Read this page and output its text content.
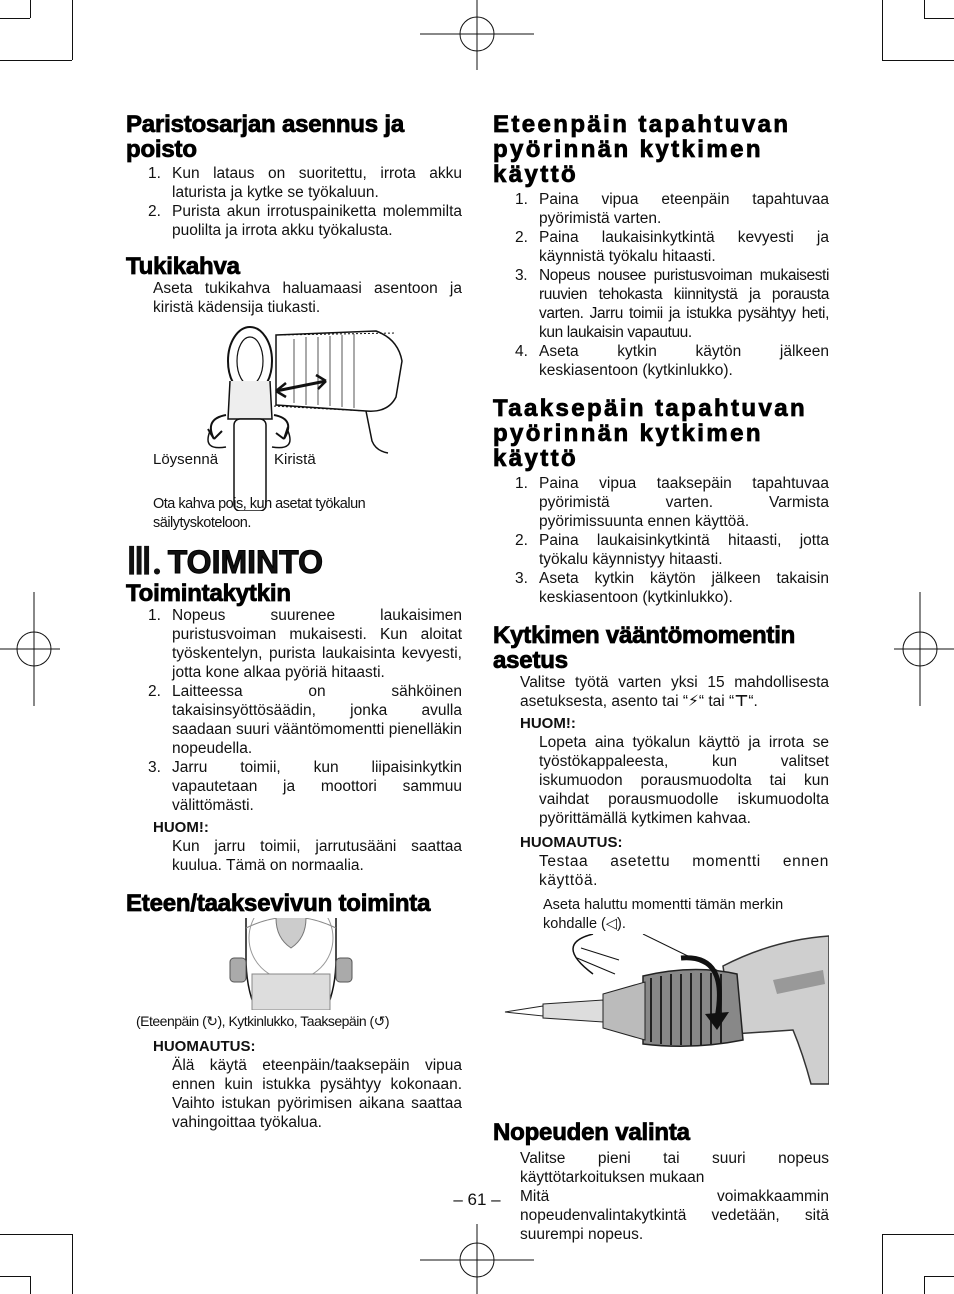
Paristosarjan asennus ja poisto
1. Kun lataus on suoritettu, irrota akku laturista ja kytke se työkaluun.
2. Purista akun irrotuspainiketta molemmilta puolilta ja irrota akku työkalusta.
Tukikahva

Aseta tukikahva haluamaasi asentoon ja kiristä kädensija tiukasti.

Löysennä	Kiristä

Ota kahva pois, kun asetat työkalun säilytyskoteloon.

Ⅲ. TOIMINTO
Toimintakytkin
1. Nopeus suurenee laukaisimen puristusvoiman mukaisesti. Kun aloitat työskentelyn, purista laukaisinta kevyesti, jotta kone alkaa pyöriä hitaasti.
2. Laitteessa on sähköinen takaisinsyöttösäädin, jonka avulla saadaan suuri vääntömomentti pienelläkin nopeudella.
3. Jarru toimii, kun liipaisinkytkin vapautetaan ja moottori sammuu välittömästi.
HUOM!:
Kun jarru toimii, jarrutusääni saattaa kuulua. Tämä on normaalia.
Eteen/taaksevivun toiminta
(Eteenpäin (↻), Kytkinlukko, Taaksepäin (↺)
HUOMAUTUS:
Älä käytä eteenpäin/taaksepäin vipua ennen kuin istukka pysähtyy kokonaan. Vaihto istukan pyörimisen aikana saattaa vahingoittaa työkalua.
Eteenpäin tapahtuvan pyörinnän kytkimen käyttö
1. Paina vipua eteenpäin tapahtuvaa pyörimistä varten.
2. Paina laukaisinkytkintä kevyesti ja käynnistä työkalu hitaasti.
3. Nopeus nousee puristusvoiman mukaisesti ruuvien tehokasta kiinnitystä ja porausta varten. Jarru toimii ja istukka pysähtyy heti, kun laukaisin vapautuu.
4. Aseta kytkin käytön jälkeen keskiasentoon (kytkinlukko).
Taaksepäin tapahtuvan pyörinnän kytkimen käyttö
1. Paina vipua taaksepäin tapahtuvaa pyörimistä varten. Varmista pyörimissuunta ennen käyttöä.
2. Paina laukaisinkytkintä hitaasti, jotta työkalu käynnistyy hitaasti.
3. Aseta kytkin käytön jälkeen takaisin keskiasentoon (kytkinlukko).
Kytkimen vääntömomentin asetus

Valitse työtä varten yksi 15 mahdollisesta asetuksesta, asento tai “⚡“ tai “⊤“.

HUOM!:
Lopeta aina työkalun käyttö ja irrota se työstökappaleesta, kun valitset iskumuodon porausmuodolta tai kun vaihdat porausmuodolle iskumuodolta pyörittämällä kytkimen kahvaa.
HUOMAUTUS:
Testaa asetettu momentti ennen käyttöä.

Aseta haluttu momentti tämän merkin kohdalle (◁).

Nopeuden valinta

Valitse pieni tai suuri nopeus käyttötarkoituksen mukaan

Mitä voimakkaammin nopeudenvalintakytkintä vedetään, sitä suurempi nopeus.

– 61 –
